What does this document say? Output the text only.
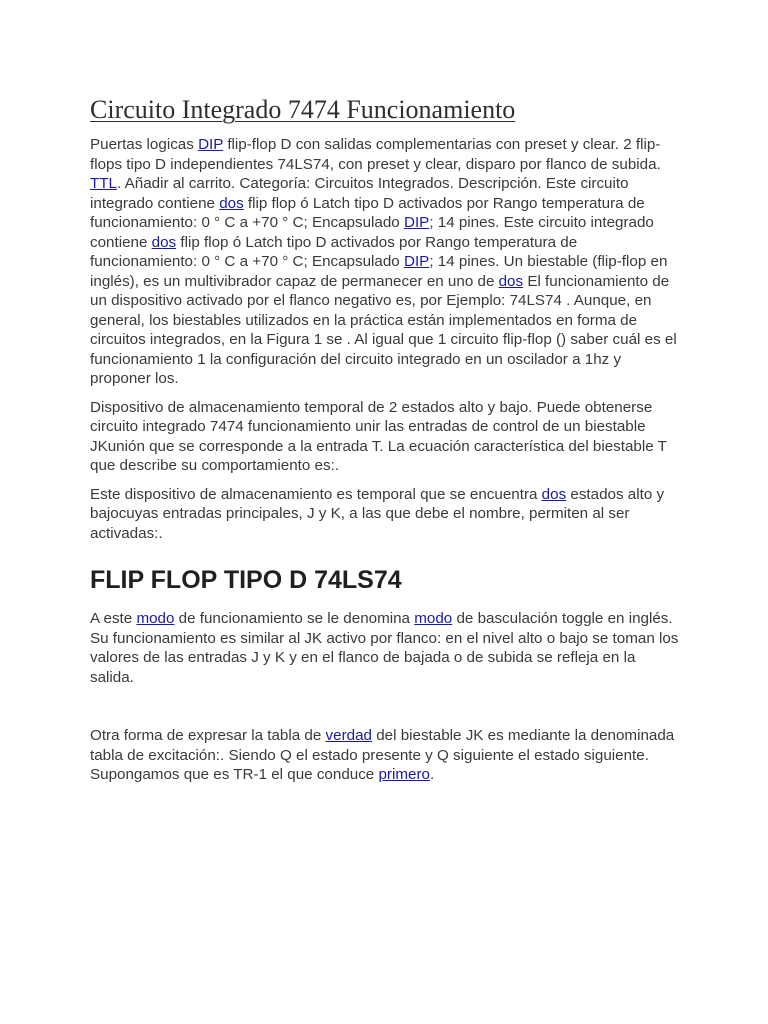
Circuito Integrado 7474 Funcionamiento

Puertas logicas DIP flip-flop D con salidas complementarias con preset y clear. 2 flip-flops tipo D independientes 74LS74, con preset y clear, disparo por flanco de subida. TTL. Añadir al carrito. Categoría: Circuitos Integrados. Descripción. Este circuito integrado contiene dos flip flop ó Latch tipo D activados por Rango temperatura de funcionamiento: 0 ° C a +70 ° C; Encapsulado DIP; 14 pines. Este circuito integrado contiene dos flip flop ó Latch tipo D activados por Rango temperatura de funcionamiento: 0 ° C a +70 ° C; Encapsulado DIP; 14 pines. Un biestable (flip-flop en inglés), es un multivibrador capaz de permanecer en uno de dos El funcionamiento de un dispositivo activado por el flanco negativo es, por Ejemplo: 74LS74 . Aunque, en general, los biestables utilizados en la práctica están implementados en forma de circuitos integrados, en la Figura 1 se . Al igual que 1 circuito flip-flop () saber cuál es el funcionamiento 1 la configuración del circuito integrado en un oscilador a 1hz y proponer los.

Dispositivo de almacenamiento temporal de 2 estados alto y bajo. Puede obtenerse circuito integrado 7474 funcionamiento unir las entradas de control de un biestable JKunión que se corresponde a la entrada T. La ecuación característica del biestable T que describe su comportamiento es:.

Este dispositivo de almacenamiento es temporal que se encuentra dos estados alto y bajocuyas entradas principales, J y K, a las que debe el nombre, permiten al ser activadas:.

FLIP FLOP TIPO D 74LS74

A este modo de funcionamiento se le denomina modo de basculación toggle en inglés. Su funcionamiento es similar al JK activo por flanco: en el nivel alto o bajo se toman los valores de las entradas J y K y en el flanco de bajada o de subida se refleja en la salida.

Otra forma de expresar la tabla de verdad del biestable JK es mediante la denominada tabla de excitación:. Siendo Q el estado presente y Q siguiente el estado siguiente. Supongamos que es TR-1 el que conduce primero.
